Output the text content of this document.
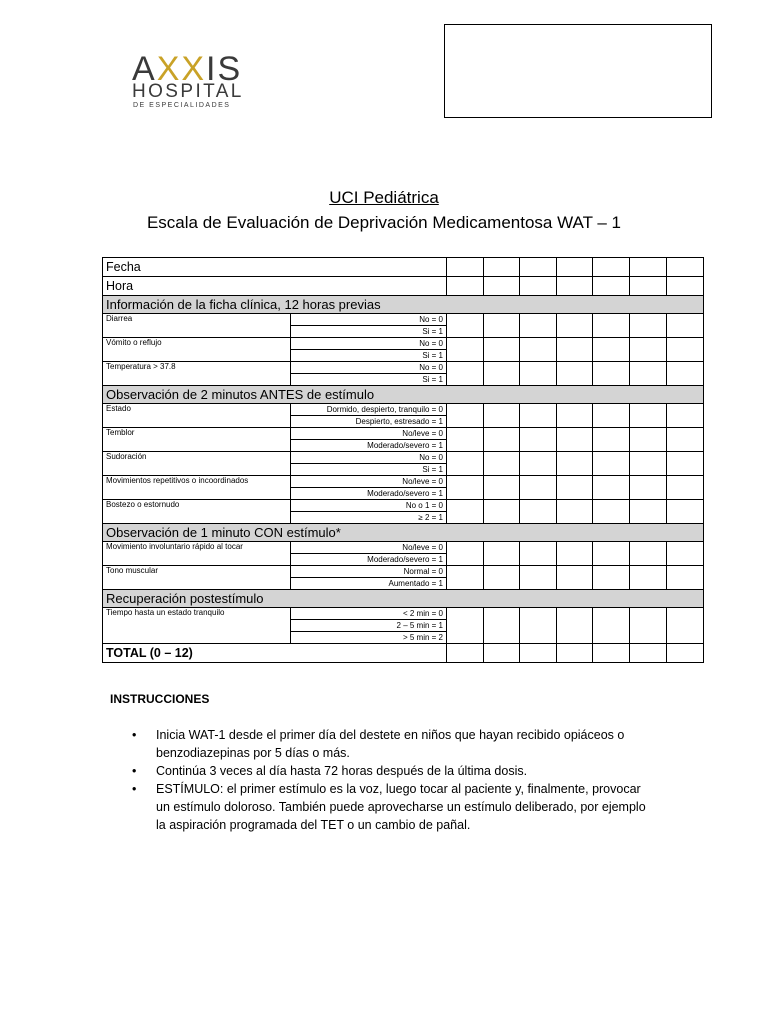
AXXIS
HOSPITAL
DE ESPECIALIDADES
UCI Pediátrica
Escala de Evaluación de Deprivación Medicamentosa WAT – 1
Fecha								
Hora								
Información de la ficha clínica, 12 horas previas								
Diarrea	No = 0							
	Si = 1							
Vómito o reflujo	No = 0							
	Si = 1							
Temperatura > 37.8	No = 0							
	Si = 1							
Observación de 2 minutos ANTES de estímulo								
Estado	Dormido, despierto, tranquilo = 0							
	Despierto, estresado = 1							
Temblor	No/leve = 0							
	Moderado/severo = 1							
Sudoración	No = 0							
	Si = 1							
Movimientos repetitivos o incoordinados	No/leve = 0							
	Moderado/severo = 1							
Bostezo o estornudo	No o 1 = 0							
	≥ 2 = 1							
Observación de 1 minuto CON estímulo*								
Movimiento involuntario rápido al tocar	No/leve = 0							
	Moderado/severo = 1							
Tono muscular	Normal = 0							
	Aumentado = 1							
Recuperación postestímulo								
Tiempo hasta un estado tranquilo	< 2 min = 0							
	2 – 5 min = 1							
	> 5 min = 2							
TOTAL (0 – 12)								
INSTRUCCIONES
• Inicia WAT-1 desde el primer día del destete en niños que hayan recibido opiáceos o benzodiazepinas por 5 días o más.
• Continúa 3 veces al día hasta 72 horas después de la última dosis.
• ESTÍMULO: el primer estímulo es la voz, luego tocar al paciente y, finalmente, provocar un estímulo doloroso. También puede aprovecharse un estímulo deliberado, por ejemplo la aspiración programada del TET o un cambio de pañal.
